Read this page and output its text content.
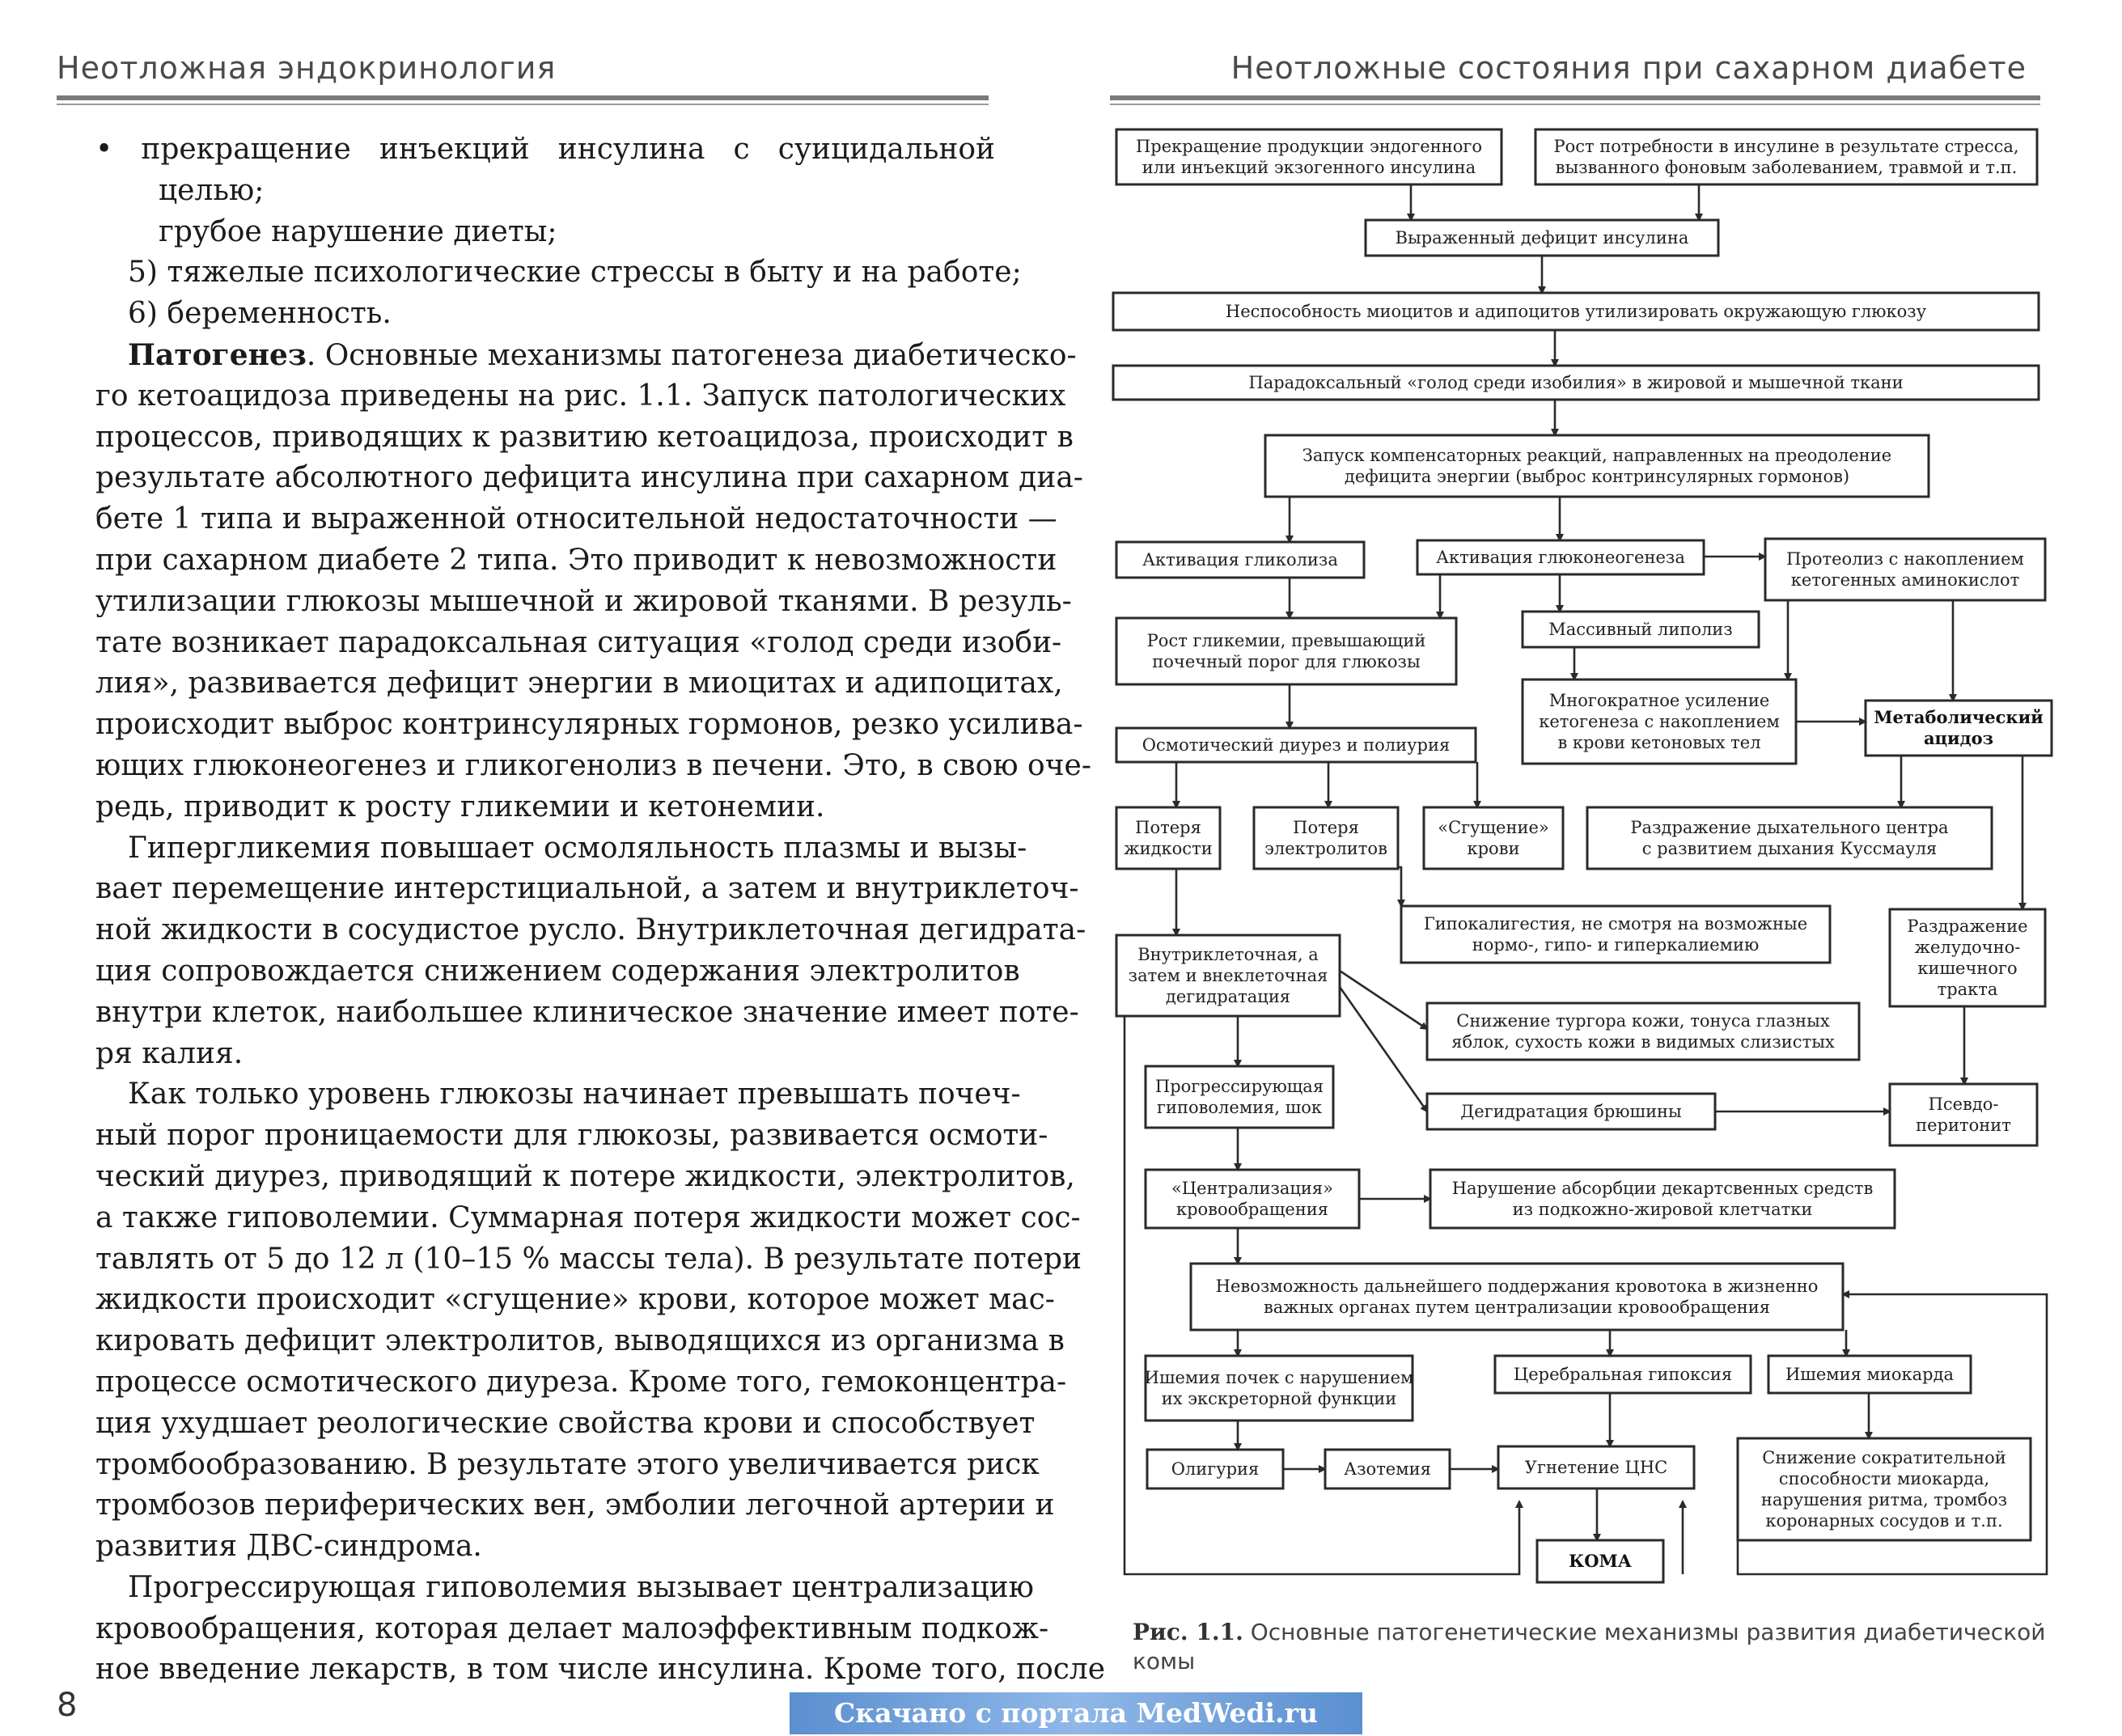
Неотложная эндокринология	Неотложные состояния при сахарном диабете
• прекращение инъекций инсулина с суицидальной
целью;
грубое нарушение диеты;
5) тяжелые психологические стрессы в быту и на работе;
6) беременность.
Патогенез. Основные механизмы патогенеза диабетическо-
го кетоацидоза приведены на рис. 1.1. Запуск патологических
процессов, приводящих к развитию кетоацидоза, происходит в
результате абсолютного дефицита инсулина при сахарном диа-
бете 1 типа и выраженной относительной недостаточности —
при сахарном диабете 2 типа. Это приводит к невозможности
утилизации глюкозы мышечной и жировой тканями. В резуль-
тате возникает парадоксальная ситуация «голод среди изоби-
лия», развивается дефицит энергии в миоцитах и адипоцитах,
происходит выброс контринсулярных гормонов, резко усилива-
ющих глюконеогенез и гликогенолиз в печени. Это, в свою оче-
редь, приводит к росту гликемии и кетонемии.
Гипергликемия повышает осмоляльность плазмы и вызы-
вает перемещение интерстициальной, а затем и внутриклеточ-
ной жидкости в сосудистое русло. Внутриклеточная дегидрата-
ция сопровождается снижением содержания электролитов
внутри клеток, наибольшее клиническое значение имеет поте-
ря калия.
Как только уровень глюкозы начинает превышать почеч-
ный порог проницаемости для глюкозы, развивается осмоти-
ческий диурез, приводящий к потере жидкости, электролитов,
а также гиповолемии. Суммарная потеря жидкости может сос-
тавлять от 5 до 12 л (10–15 % массы тела). В результате потери
жидкости происходит «сгущение» крови, которое может мас-
кировать дефицит электролитов, выводящихся из организма в
процессе осмотического диуреза. Кроме того, гемоконцентра-
ция ухудшает реологические свойства крови и способствует
тромбообразованию. В результате этого увеличивается риск
тромбозов периферических вен, эмболии легочной артерии и
развития ДВС-синдрома.
Прогрессирующая гиповолемия вызывает централизацию
кровообращения, которая делает малоэффективным подкож-
ное введение лекарств, в том числе инсулина. Кроме того, после
8
Прекращение продукции эндогенного
или инъекций экзогенного инсулина
Рост потребности в инсулине в результате стресса,
вызванного фоновым заболеванием, травмой и т.п.
Выраженный дефицит инсулина
Неспособность миоцитов и адипоцитов утилизировать окружающую глюкозу
Парадоксальный «голод среди изобилия» в жировой и мышечной ткани
Запуск компенсаторных реакций, направленных на преодоление
дефицита энергии (выброс контринсулярных гормонов)
Активация гликолиза	Активация глюконеогенеза	Протеолиз с накоплением
кетогенных аминокислот
Рост гликемии, превышающий
почечный порог для глюкозы
Массивный липолиз
Многократное усиление
кетогенеза с накоплением
в крови кетоновых тел
Метаболический
ацидоз
Осмотический диурез и полиурия
Потеря
жидкости
Потеря
электролитов
«Сгущение»
крови
Раздражение дыхательного центра
с развитием дыхания Куссмауля
Гипокалигестия, не смотря на возможные
нормо-, гипо- и гиперкалиемию
Внутриклеточная, а
затем и внеклеточная
дегидратация
Раздражение
желудочно-
кишечного
тракта
Снижение тургора кожи, тонуса глазных
яблок, сухость кожи в видимых слизистых
Прогрессирующая
гиповолемия, шок	Дегидратация брюшины	Псевдо-
перитонит
«Централизация»
кровообращения
Нарушение абсорбции декартсвенных средств
из подкожно-жировой клетчатки
Невозможность дальнейшего поддержания кровотока в жизненно
важных органах путем централизации кровообращения
Ишемия почек с нарушением
их экскреторной функции
Церебральная гипоксия	Ишемия миокарда
Олигурия	Азотемия	Угнетение ЦНС	Снижение сократительной
способности миокарда,
нарушения ритма, тромбоз
коронарных сосудов и т.п.
КОМА
Рис. 1.1. Основные патогенетические механизмы развития диабетической комы
Скачано с портала MedWedi.ru
